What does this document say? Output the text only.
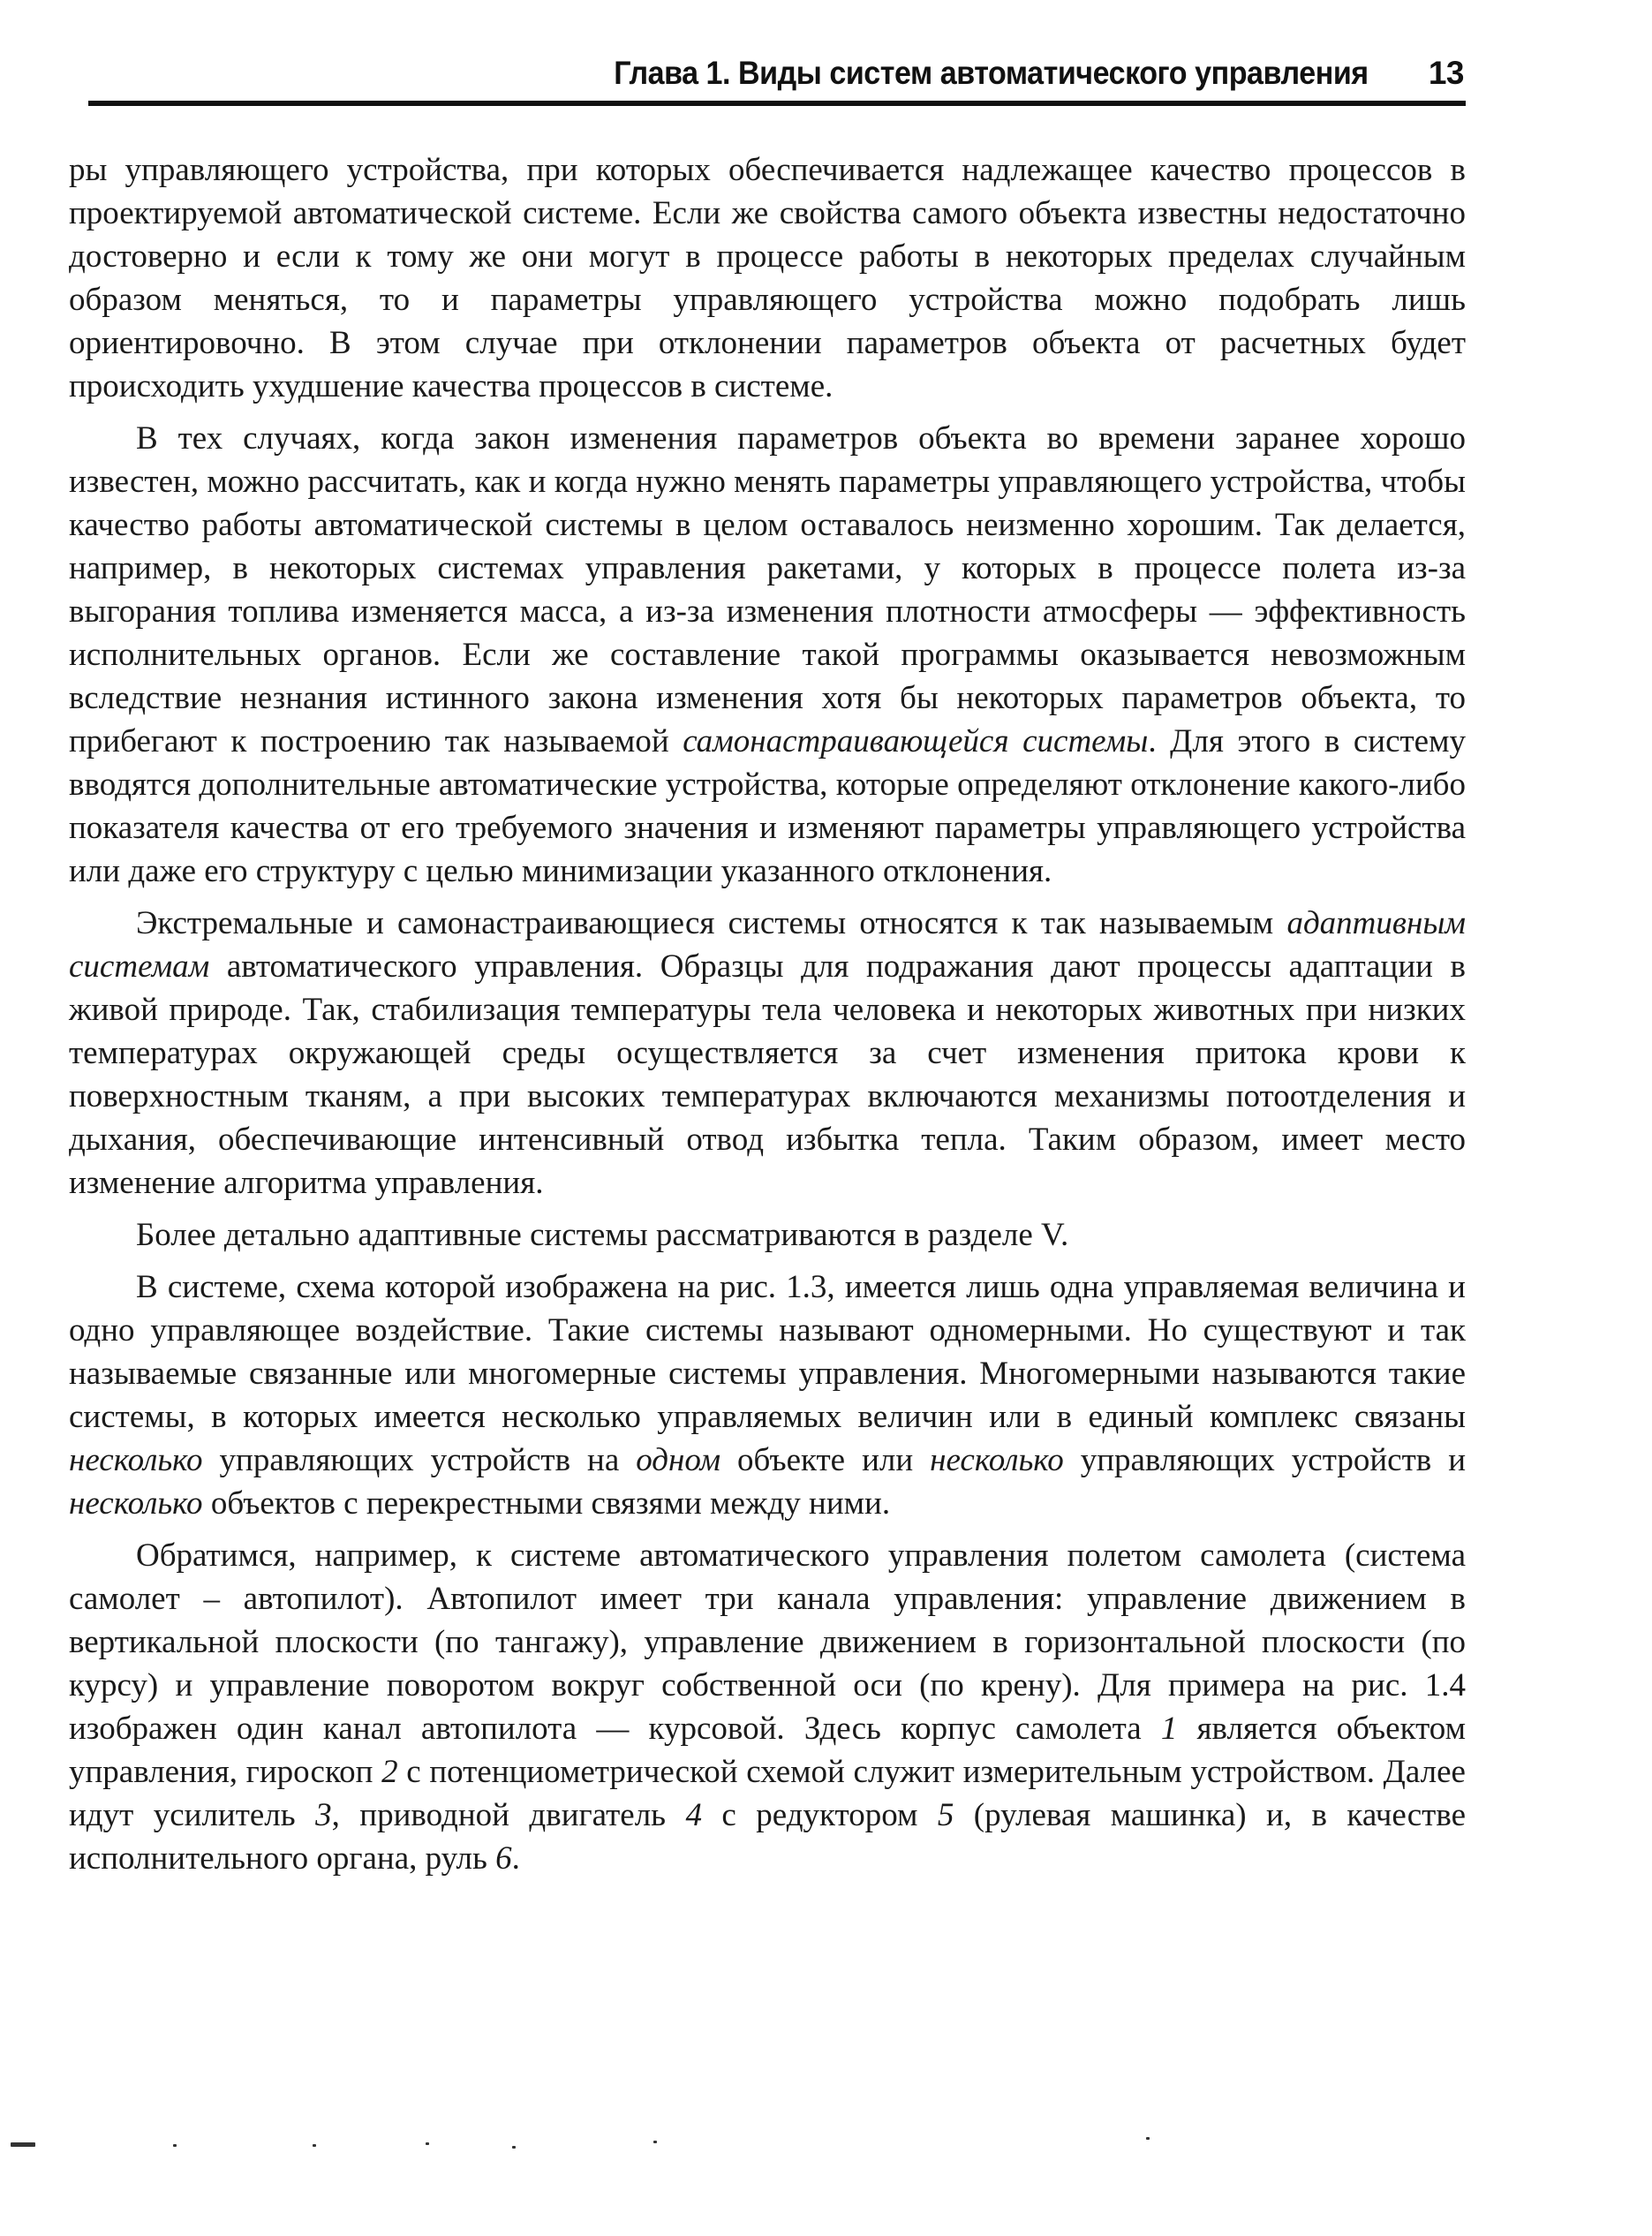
Глава 1. Виды систем автоматического управления 13

ры управляющего устройства, при которых обеспечивается надлежащее качество процессов в проектируемой автоматической системе. Если же свойства самого объекта известны недостаточно достоверно и если к тому же они могут в процессе работы в некоторых пределах случайным образом меняться, то и параметры управляющего устройства можно подобрать лишь ориентировочно. В этом случае при отклонении параметров объекта от расчетных будет происходить ухудшение качества процессов в системе.

В тех случаях, когда закон изменения параметров объекта во времени заранее хорошо известен, можно рассчитать, как и когда нужно менять параметры управляющего устройства, чтобы качество работы автоматической системы в целом оставалось неизменно хорошим. Так делается, например, в некоторых системах управления ракетами, у которых в процессе полета из-за выгорания топлива изменяется масса, а из-за изменения плотности атмосферы — эффективность исполнительных органов. Если же составление такой программы оказывается невозможным вследствие незнания истинного закона изменения хотя бы некоторых параметров объекта, то прибегают к построению так называемой самонастраивающейся системы. Для этого в систему вводятся дополнительные автоматические устройства, которые определяют отклонение какого-либо показателя качества от его требуемого значения и изменяют параметры управляющего устройства или даже его структуру с целью минимизации указанного отклонения.

Экстремальные и самонастраивающиеся системы относятся к так называемым адаптивным системам автоматического управления. Образцы для подражания дают процессы адаптации в живой природе. Так, стабилизация температуры тела человека и некоторых животных при низких температурах окружающей среды осуществляется за счет изменения притока крови к поверхностным тканям, а при высоких температурах включаются механизмы потоотделения и дыхания, обеспечивающие интенсивный отвод избытка тепла. Таким образом, имеет место изменение алгоритма управления.

Более детально адаптивные системы рассматриваются в разделе V.

В системе, схема которой изображена на рис. 1.3, имеется лишь одна управляемая величина и одно управляющее воздействие. Такие системы называют одномерными. Но существуют и так называемые связанные или многомерные системы управления. Многомерными называются такие системы, в которых имеется несколько управляемых величин или в единый комплекс связаны несколько управляющих устройств на одном объекте или несколько управляющих устройств и несколько объектов с перекрестными связями между ними.

Обратимся, например, к системе автоматического управления полетом самолета (система самолет – автопилот). Автопилот имеет три канала управления: управление движением в вертикальной плоскости (по тангажу), управление движением в горизонтальной плоскости (по курсу) и управление поворотом вокруг собственной оси (по крену). Для примера на рис. 1.4 изображен один канал автопилота — курсовой. Здесь корпус самолета 1 является объектом управления, гироскоп 2 с потенциометрической схемой служит измерительным устройством. Далее идут усилитель 3, приводной двигатель 4 с редуктором 5 (рулевая машинка) и, в качестве исполнительного органа, руль 6.
